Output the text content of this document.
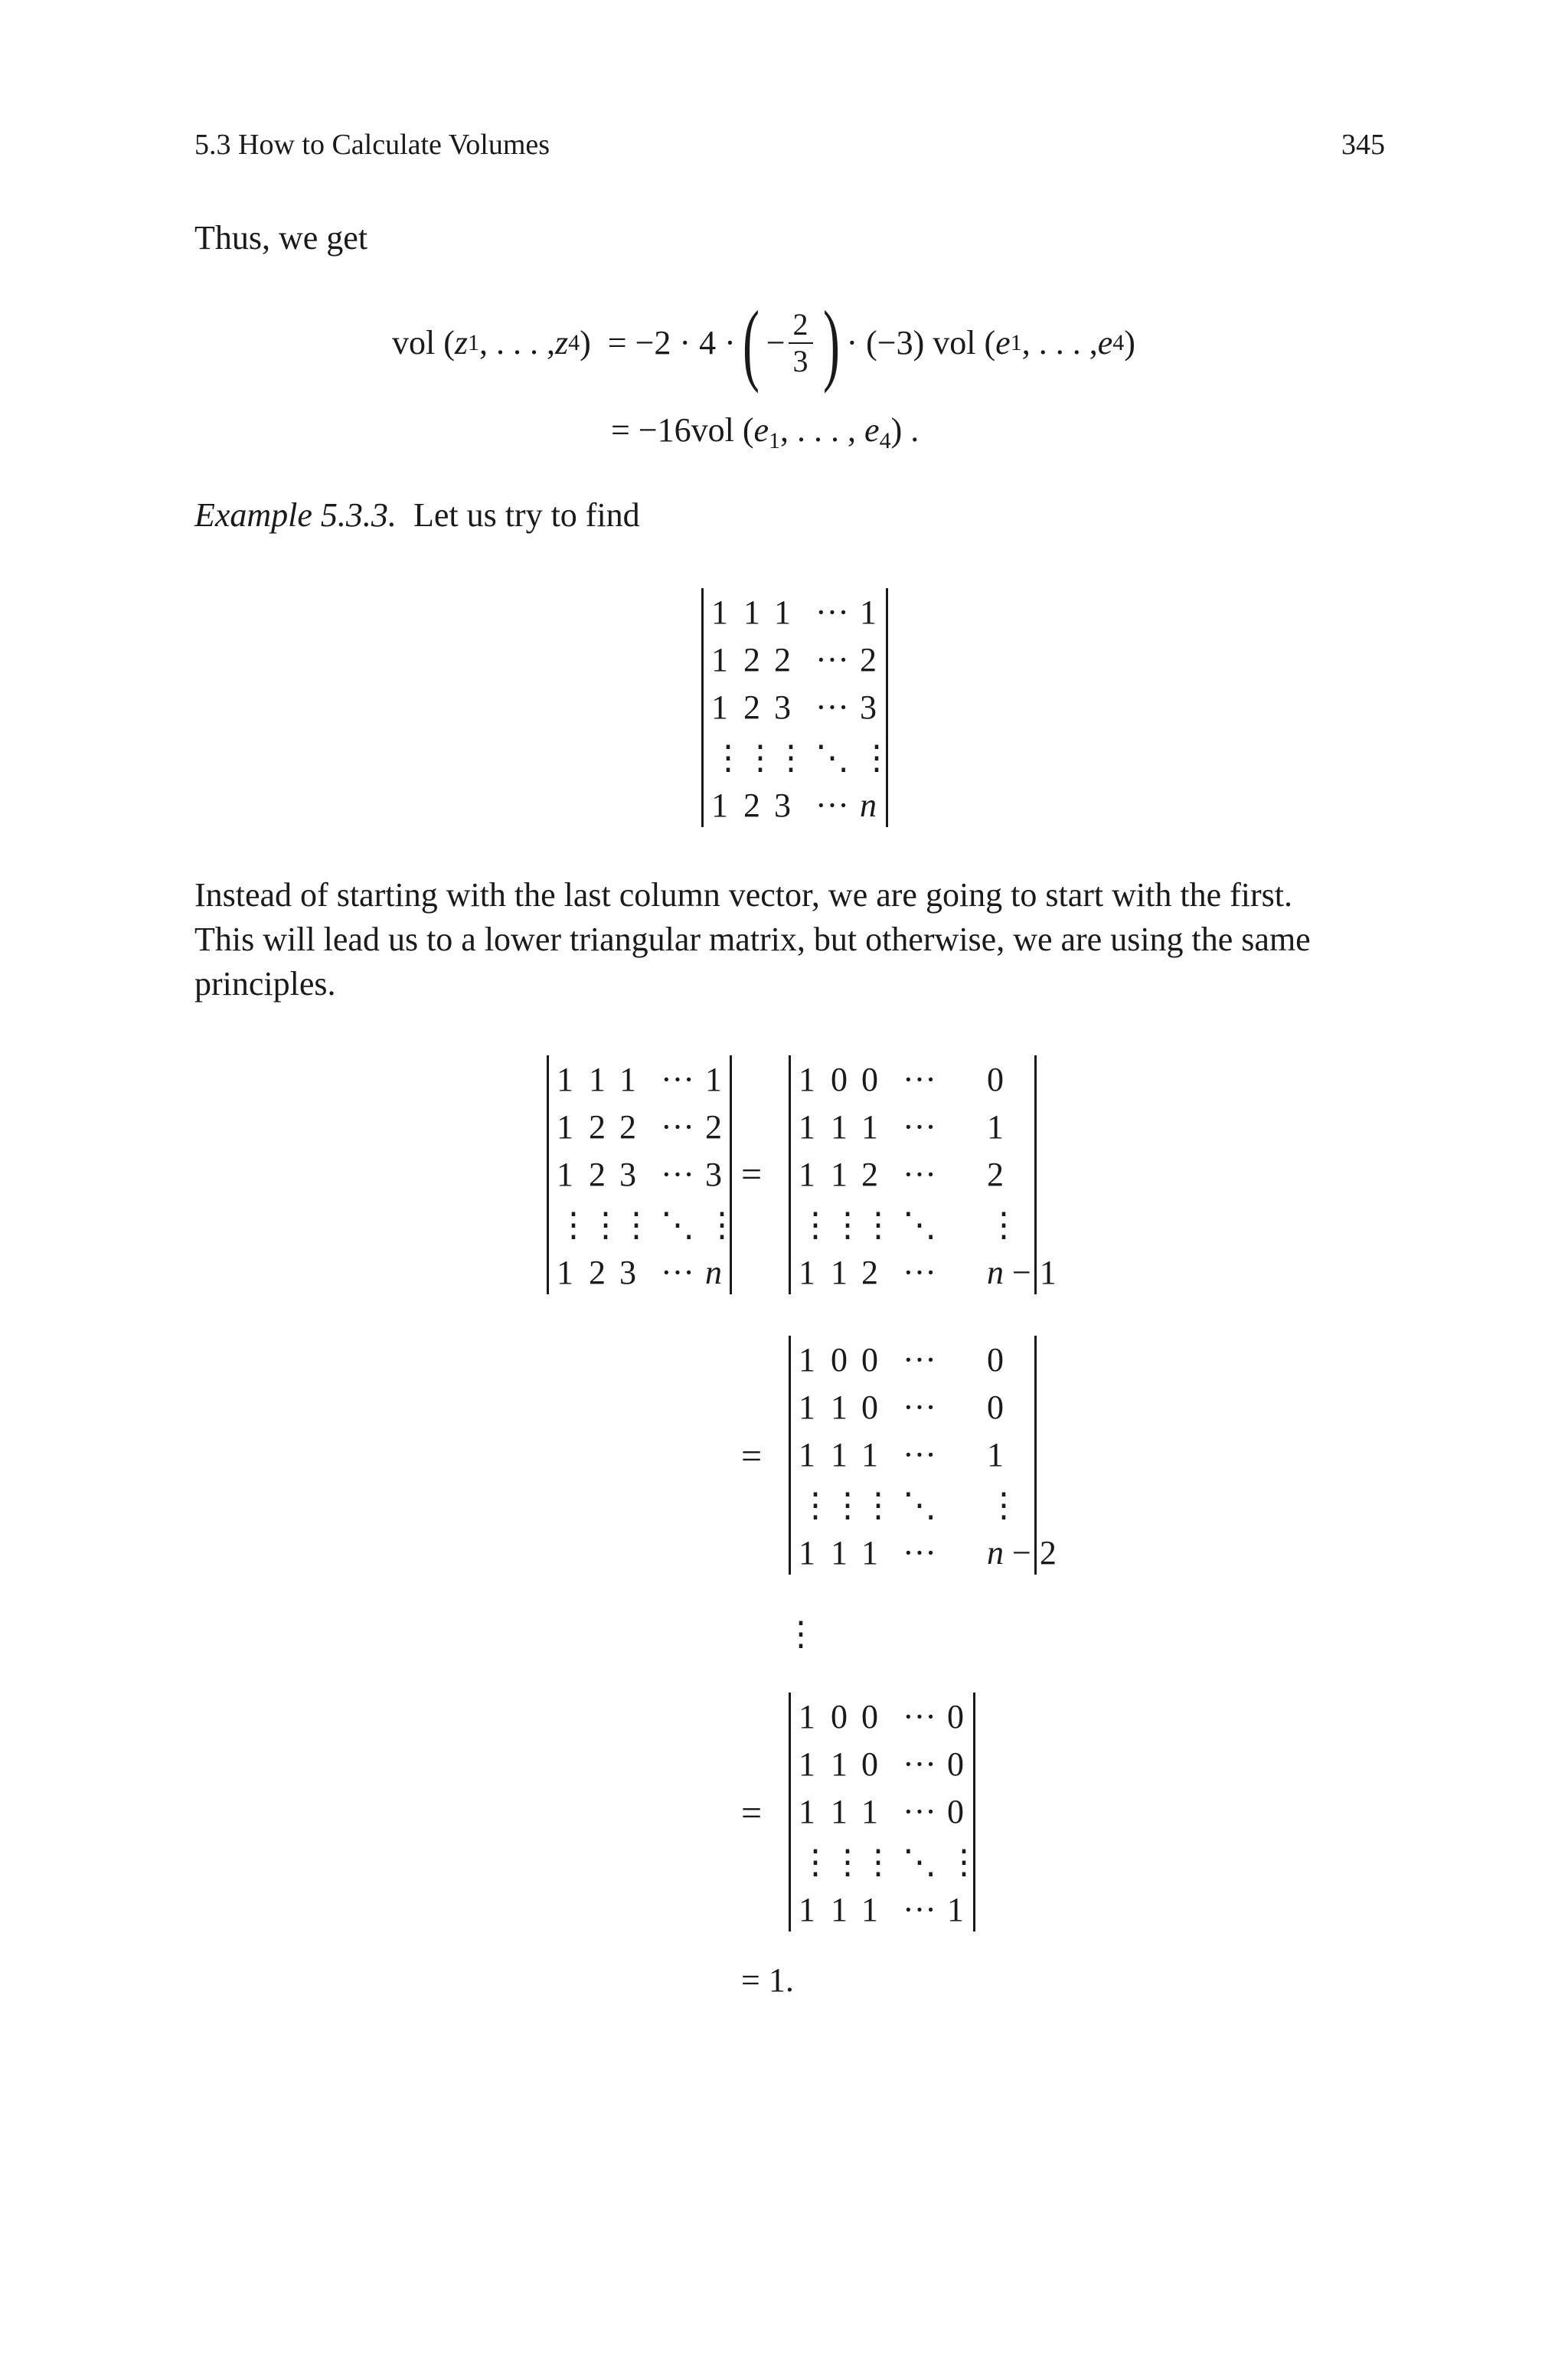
5.3 How to Calculate Volumes	345
Thus, we get
vol ( z 1 , . . . , z 4 ) = −2 · 4 · ( − $\frac{2}{3}$ ) · (−3) vol ( e 1 , . . . , e 4 )
= −16vol ($e_1$, . . . , $e_4$) .
Example 5.3.3. Let us try to find
1 1 1 ··· 1
1 2 2 ··· 2
1 2 3 ··· 3
⋮
⋮
⋮ ⋱ ⋮
1 2 3 ··· n
Instead of starting with the last column vector, we are going to start with the first.
This will lead us to a lower triangular matrix, but otherwise, we are using the same
principles.
1 1 1 ··· 1
1 2 2 ··· 2
1 2 3 ··· 3
⋮
⋮
⋮ ⋱ ⋮
1 2 3 ··· n
=
1 0 0 ··· 0
1 1 1 ··· 1
1 1 2 ··· 2
⋮
⋮
⋮ ⋱ ⋮
1 1 2 ··· n − 1
=
1 0 0 ··· 0
1 1 0 ··· 0
1 1 1 ··· 1
⋮
⋮
⋮ ⋱ ⋮
1 1 1 ··· n − 2
⋮
=
1 0 0 ··· 0
1 1 0 ··· 0
1 1 1 ··· 0
⋮
⋮
⋮ ⋱ ⋮
1 1 1 ··· 1
= 1.
